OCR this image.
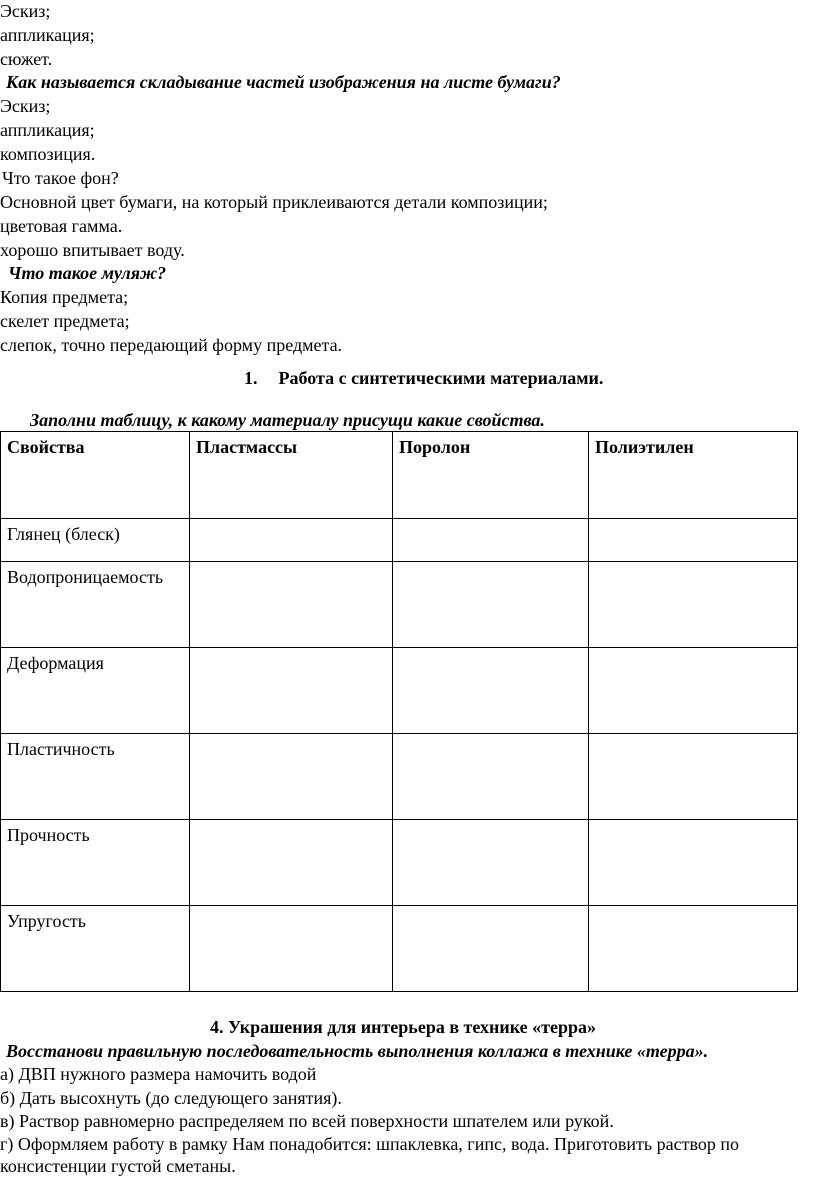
Эскиз;
аппликация;
сюжет.
Как называется складывание частей изображения на листе бумаги?
Эскиз;
аппликация;
композиция.
Что такое фон?
Основной цвет бумаги, на который приклеиваются детали композиции;
цветовая гамма.
хорошо впитывает воду.
Что такое муляж?
Копия предмета;
скелет предмета;
слепок, точно передающий форму предмета.
1. Работа с синтетическими материалами.
Заполни таблицу, к какому материалу присущи какие свойства.
Свойства	Пластмассы	Поролон	Полиэтилен
Глянец (блеск)			
Водопроницаемость			
Деформация			
Пластичность			
Прочность			
Упругость			
4. Украшения для интерьера в технике «терра»
Восстанови правильную последовательность выполнения коллажа в технике «терра».
а) ДВП нужного размера намочить водой
б) Дать высохнуть (до следующего занятия).
в) Раствор равномерно распределяем по всей поверхности шпателем или рукой.
г) Оформляем работу в рамку Нам понадобится: шпаклевка, гипс, вода. Приготовить раствор по
консистенции густой сметаны.
